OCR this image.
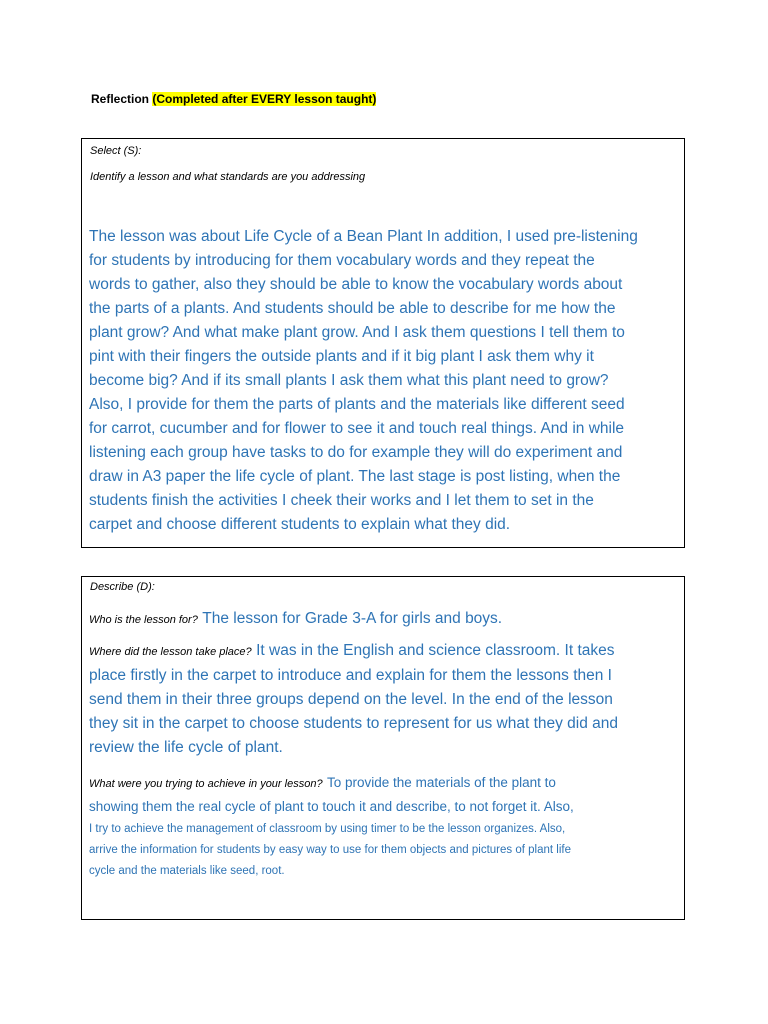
Reflection (Completed after EVERY lesson taught)
Select (S):
Identify a lesson and what standards are you addressing
The lesson was about Life Cycle of a Bean Plant In addition, I used pre-listening
for students by introducing for them vocabulary words and they repeat the
words to gather, also they should be able to know the vocabulary words about
the parts of a plants. And students should be able to describe for me how the
plant grow? And what make plant grow. And I ask them questions I tell them to
pint with their fingers the outside plants and if it big plant I ask them why it
become big? And if its small plants I ask them what this plant need to grow?
Also, I provide for them the parts of plants and the materials like different seed
for carrot, cucumber and for flower to see it and touch real things. And in while
listening each group have tasks to do for example they will do experiment and
draw in A3 paper the life cycle of plant. The last stage is post listing, when the
students finish the activities I cheek their works and I let them to set in the
carpet and choose different students to explain what they did.
Describe (D):
Who is the lesson for? The lesson for Grade 3-A for girls and boys.
Where did the lesson take place? It was in the English and science classroom. It takes
place firstly in the carpet to introduce and explain for them the lessons then I
send them in their three groups depend on the level. In the end of the lesson
they sit in the carpet to choose students to represent for us what they did and
review the life cycle of plant.
What were you trying to achieve in your lesson? To provide the materials of the plant to
showing them the real cycle of plant to touch it and describe, to not forget it. Also,
I try to achieve the management of classroom by using timer to be the lesson organizes. Also,
arrive the information for students by easy way to use for them objects and pictures of plant life
cycle and the materials like seed, root.
